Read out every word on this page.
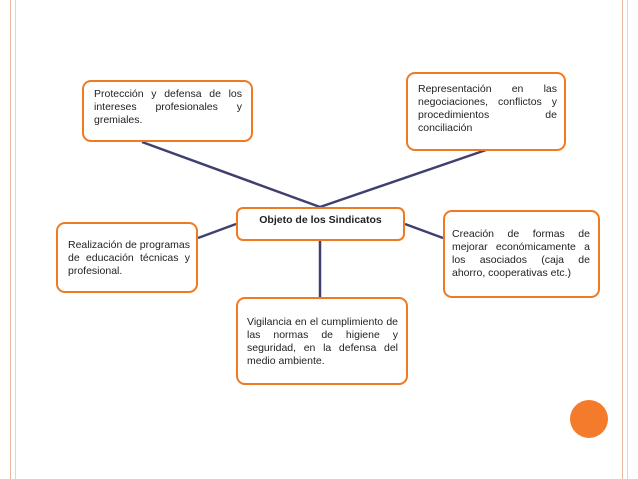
Objeto de los Sindicatos
Protección y defensa de los intereses profesionales y gremiales.
Representación en las negociaciones, conflictos y procedimientos de conciliación
Realización de programas de educación técnicas y profesional.
Creación de formas de mejorar económicamente a los asociados (caja de ahorro, cooperativas etc.)
Vigilancia en el cumplimiento de las normas de higiene y seguridad, en la defensa del medio ambiente.
